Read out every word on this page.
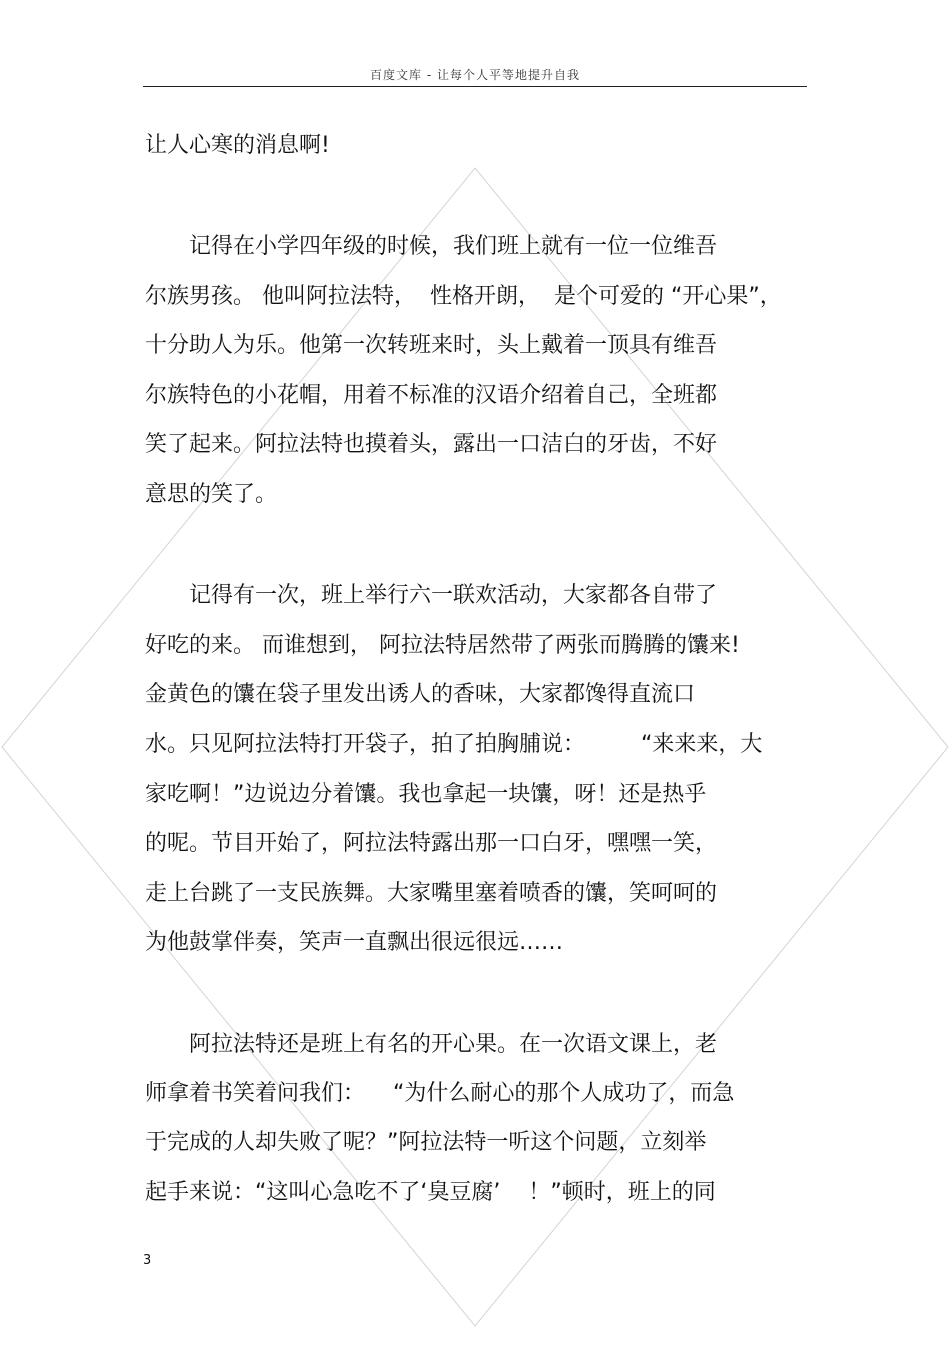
百度文库 - 让每个人平等地提升自我
让人心寒的消息啊!
　　记得在小学四年级的时候，我们班上就有一位一位维吾
尔族男孩。 他叫阿拉法特，  性格开朗，  是个可爱的 “开心果”，
十分助人为乐。他第一次转班来时，头上戴着一顶具有维吾
尔族特色的小花帽，用着不标准的汉语介绍着自己，全班都
笑了起来。阿拉法特也摸着头，露出一口洁白的牙齿，不好
意思的笑了。
　　记得有一次，班上举行六一联欢活动，大家都各自带了
好吃的来。 而谁想到， 阿拉法特居然带了两张而腾腾的馕来!
金黄色的馕在袋子里发出诱人的香味，大家都馋得直流口
水。只见阿拉法特打开袋子，拍了拍胸脯说：        “来来来，大
家吃啊！”边说边分着馕。我也拿起一块馕，呀！还是热乎
的呢。节目开始了，阿拉法特露出那一口白牙，嘿嘿一笑，
走上台跳了一支民族舞。大家嘴里塞着喷香的馕，笑呵呵的
为他鼓掌伴奏，笑声一直飘出很远很远……
　　阿拉法特还是班上有名的开心果。在一次语文课上，老
师拿着书笑着问我们：    “为什么耐心的那个人成功了，而急
于完成的人却失败了呢？”阿拉法特一听这个问题，立刻举
起手来说：“这叫心急吃不了‘臭豆腐’    ！”顿时，班上的同
3
